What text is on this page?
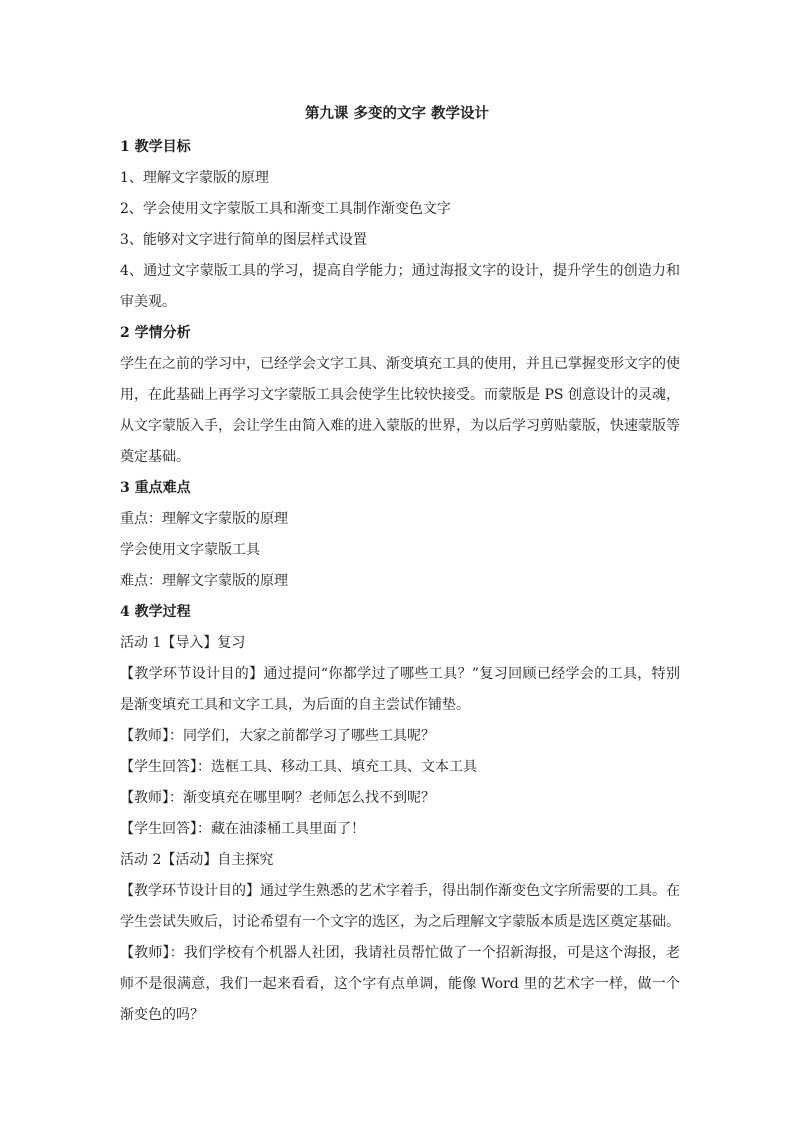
第九课 多变的文字 教学设计

1 教学目标

1、理解文字蒙版的原理

2、学会使用文字蒙版工具和渐变工具制作渐变色文字

3、能够对文字进行简单的图层样式设置

4、通过文字蒙版工具的学习，提高自学能力；通过海报文字的设计，提升学生的创造力和审美观。

2 学情分析

学生在之前的学习中，已经学会文字工具、渐变填充工具的使用，并且已掌握变形文字的使用，在此基础上再学习文字蒙版工具会使学生比较快接受。而蒙版是 PS 创意设计的灵魂，从文字蒙版入手，会让学生由简入难的进入蒙版的世界，为以后学习剪贴蒙版，快速蒙版等奠定基础。

3 重点难点

重点：理解文字蒙版的原理

学会使用文字蒙版工具

难点：理解文字蒙版的原理

4 教学过程

活动 1【导入】复习

【教学环节设计目的】通过提问“你都学过了哪些工具？”复习回顾已经学会的工具，特别是渐变填充工具和文字工具，为后面的自主尝试作铺垫。

【教师】：同学们，大家之前都学习了哪些工具呢？

【学生回答】：选框工具、移动工具、填充工具、文本工具

【教师】：渐变填充在哪里啊？老师怎么找不到呢？

【学生回答】：藏在油漆桶工具里面了！

活动 2【活动】自主探究

【教学环节设计目的】通过学生熟悉的艺术字着手，得出制作渐变色文字所需要的工具。在学生尝试失败后，讨论希望有一个文字的选区，为之后理解文字蒙版本质是选区奠定基础。

【教师】：我们学校有个机器人社团，我请社员帮忙做了一个招新海报，可是这个海报，老师不是很满意，我们一起来看看，这个字有点单调，能像 Word 里的艺术字一样，做一个渐变色的吗？
